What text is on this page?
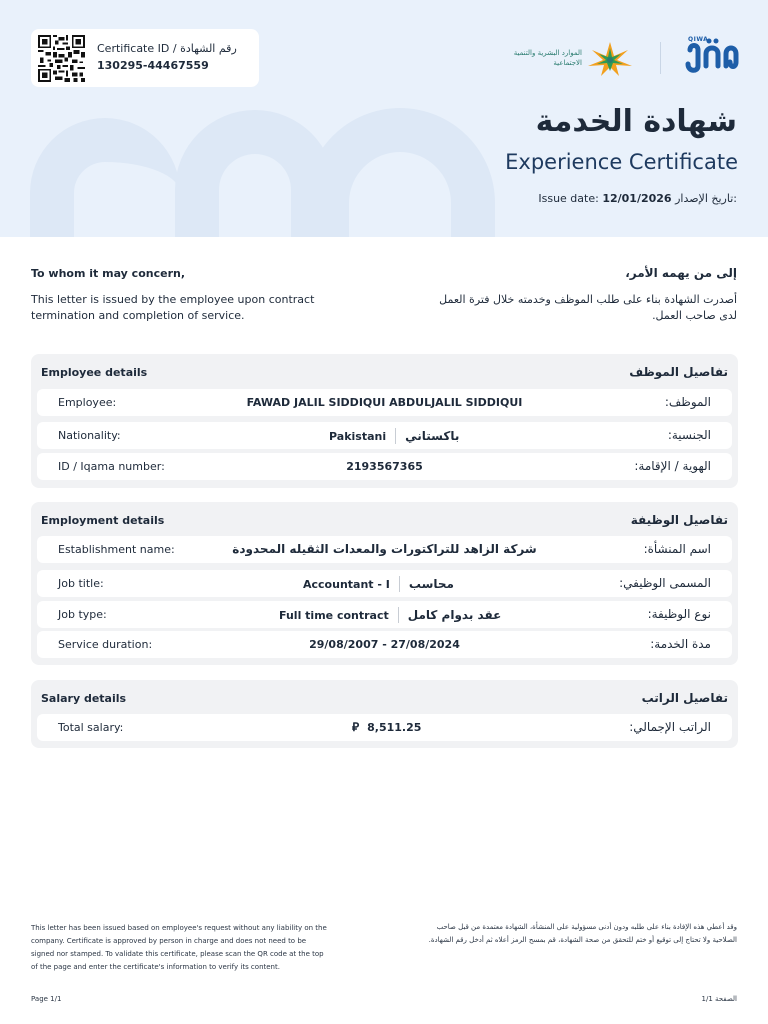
Certificate ID / رقم الشهادة
130295-44467559
الموارد البشرية والتنمية الاجتماعية
QIWA
شهادة الخدمة
Experience Certificate
Issue date: 12/01/2026 تاريخ الإصدار:
To whom it may concern,	إلى من يهمه الأمر،
This letter is issued by the employee upon contract termination and completion of service.
أصدرت الشهادة بناء على طلب الموظف وخدمته خلال فترة العمل لدى صاحب العمل.
Employee details	تفاصيل الموظف
Employee:	FAWAD JALIL SIDDIQUI ABDULJALIL SIDDIQUI	الموظف:
Nationality:	Pakistani باكستاني	الجنسية:
ID / Iqama number:	2193567365	الهوية / الإقامة:
Employment details	تفاصيل الوظيفة
Establishment name:	شركة الزاهد للتراكتورات والمعدات الثقيله المحدودة	اسم المنشأة:
Job title:	Accountant - I محاسب	المسمى الوظيفي:
Job type:	Full time contract عقد بدوام كامل	نوع الوظيفة:
Service duration:	29/08/2007 - 27/08/2024	مدة الخدمة:
Salary details	تفاصيل الراتب
Total salary:	⃁ 8,511.25	الراتب الإجمالي:
This letter has been issued based on employee's request without any liability on the company. Certificate is approved by person in charge and does not need to be signed nor stamped. To validate this certificate, please scan the QR code at the top of the page and enter the certificate's information to verify its content.
وقد أعطي هذه الإفادة بناء على طلبه ودون أدنى مسؤولية على المنشأة، الشهادة معتمدة من قبل صاحب الصلاحية ولا تحتاج إلى توقيع أو ختم للتحقق من صحة الشهادة، قم بمسح الرمز أعلاه ثم أدخل رقم الشهادة.
Page 1/1	الصفحة 1/1
